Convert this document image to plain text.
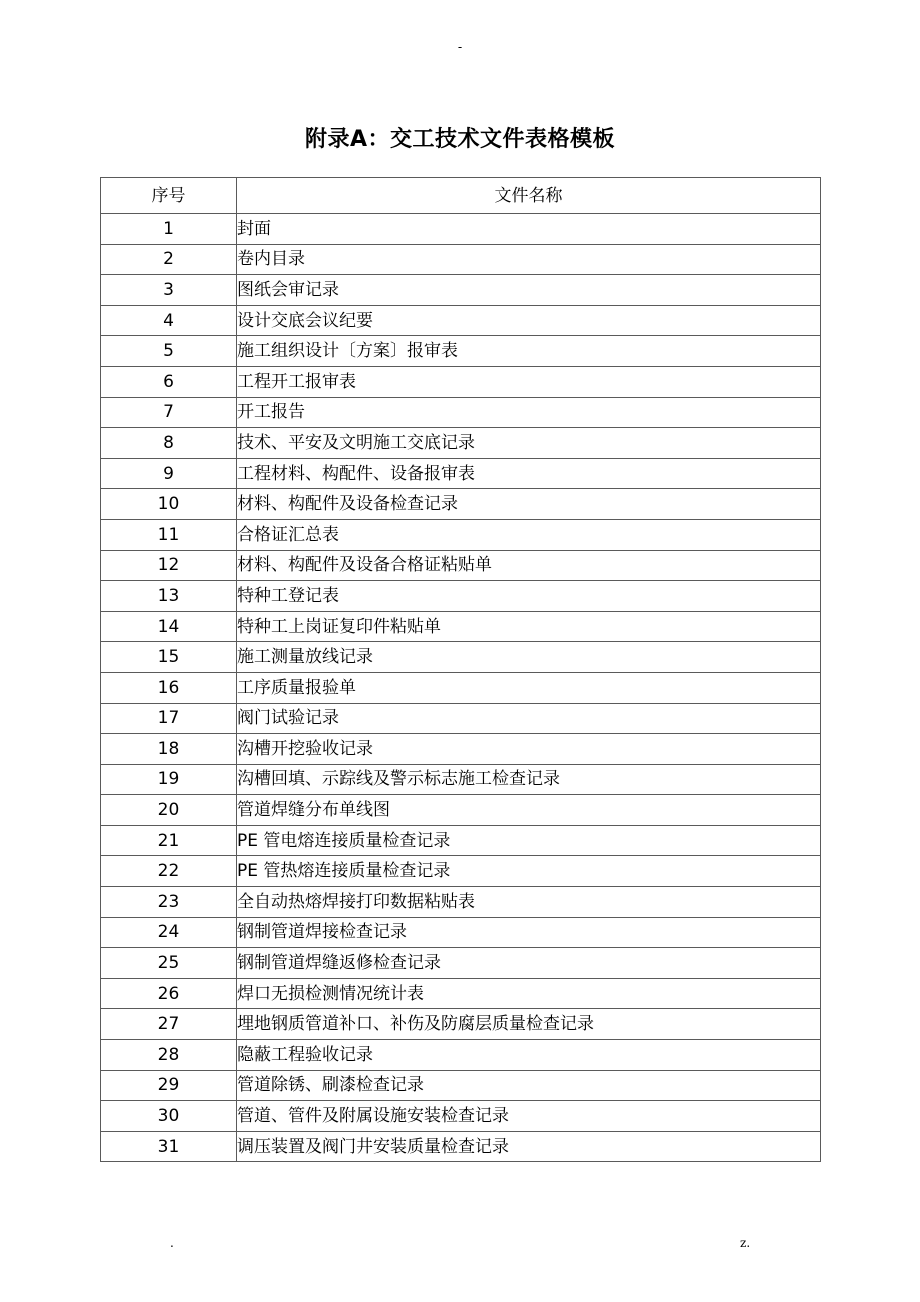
-
附录A：交工技术文件表格模板
序号	文件名称
1	封面
2	卷内目录
3	图纸会审记录
4	设计交底会议纪要
5	施工组织设计〔方案〕报审表
6	工程开工报审表
7	开工报告
8	技术、平安及文明施工交底记录
9	工程材料、构配件、设备报审表
10	材料、构配件及设备检查记录
11	合格证汇总表
12	材料、构配件及设备合格证粘贴单
13	特种工登记表
14	特种工上岗证复印件粘贴单
15	施工测量放线记录
16	工序质量报验单
17	阀门试验记录
18	沟槽开挖验收记录
19	沟槽回填、示踪线及警示标志施工检查记录
20	管道焊缝分布单线图
21	PE 管电熔连接质量检查记录
22	PE 管热熔连接质量检查记录
23	全自动热熔焊接打印数据粘贴表
24	钢制管道焊接检查记录
25	钢制管道焊缝返修检查记录
26	焊口无损检测情况统计表
27	埋地钢质管道补口、补伤及防腐层质量检查记录
28	隐蔽工程验收记录
29	管道除锈、刷漆检查记录
30	管道、管件及附属设施安装检查记录
31	调压装置及阀门井安装质量检查记录
.	z.
